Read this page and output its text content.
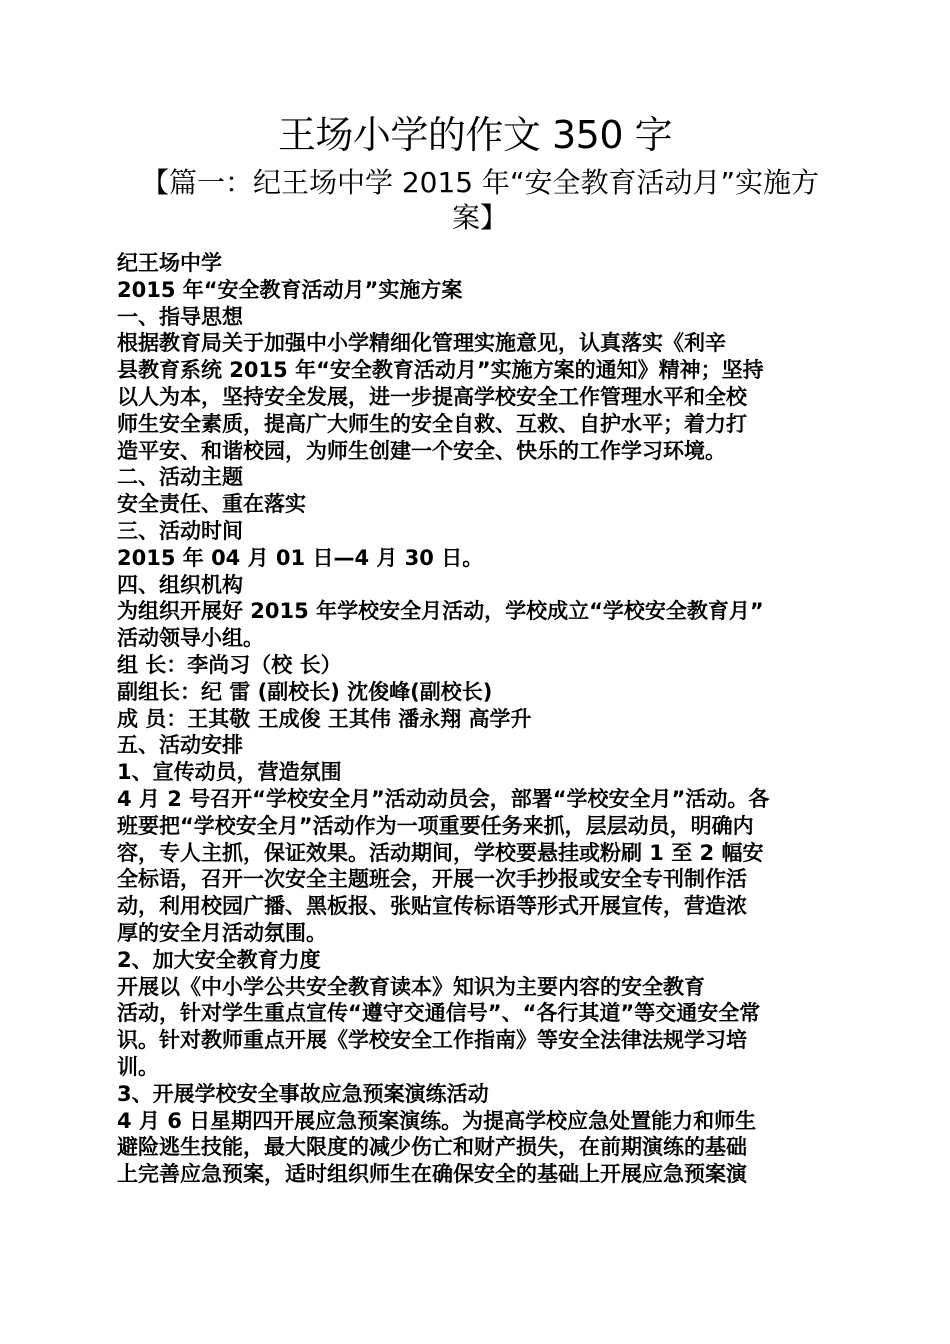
王场小学的作文 350 字
【篇一：纪王场中学 2015 年“安全教育活动月”实施方
案】
纪王场中学
2015 年“安全教育活动月”实施方案
一、指导思想
根据教育局关于加强中小学精细化管理实施意见，认真落实《利辛
县教育系统 2015 年“安全教育活动月”实施方案的通知》精神；坚持
以人为本，坚持安全发展，进一步提高学校安全工作管理水平和全校
师生安全素质，提高广大师生的安全自救、互救、自护水平；着力打
造平安、和谐校园，为师生创建一个安全、快乐的工作学习环境。
二、活动主题
安全责任、重在落实
三、活动时间
2015 年 04 月 01 日—4 月 30 日。
四、组织机构
为组织开展好 2015 年学校安全月活动，学校成立“学校安全教育月”
活动领导小组。
组 长：李尚习（校 长）
副组长：纪 雷 (副校长) 沈俊峰(副校长)
成 员：王其敬 王成俊 王其伟 潘永翔 高学升
五、活动安排
1、宣传动员，营造氛围
4 月 2 号召开“学校安全月”活动动员会，部署“学校安全月”活动。各
班要把“学校安全月”活动作为一项重要任务来抓，层层动员，明确内
容，专人主抓，保证效果。活动期间，学校要悬挂或粉刷 1 至 2 幅安
全标语，召开一次安全主题班会，开展一次手抄报或安全专刊制作活
动，利用校园广播、黑板报、张贴宣传标语等形式开展宣传，营造浓
厚的安全月活动氛围。
2、加大安全教育力度
开展以《中小学公共安全教育读本》知识为主要内容的安全教育
活动，针对学生重点宣传“遵守交通信号”、“各行其道”等交通安全常
识。针对教师重点开展《学校安全工作指南》等安全法律法规学习培
训。
3、开展学校安全事故应急预案演练活动
4 月 6 日星期四开展应急预案演练。为提高学校应急处置能力和师生
避险逃生技能，最大限度的减少伤亡和财产损失，在前期演练的基础
上完善应急预案，适时组织师生在确保安全的基础上开展应急预案演
